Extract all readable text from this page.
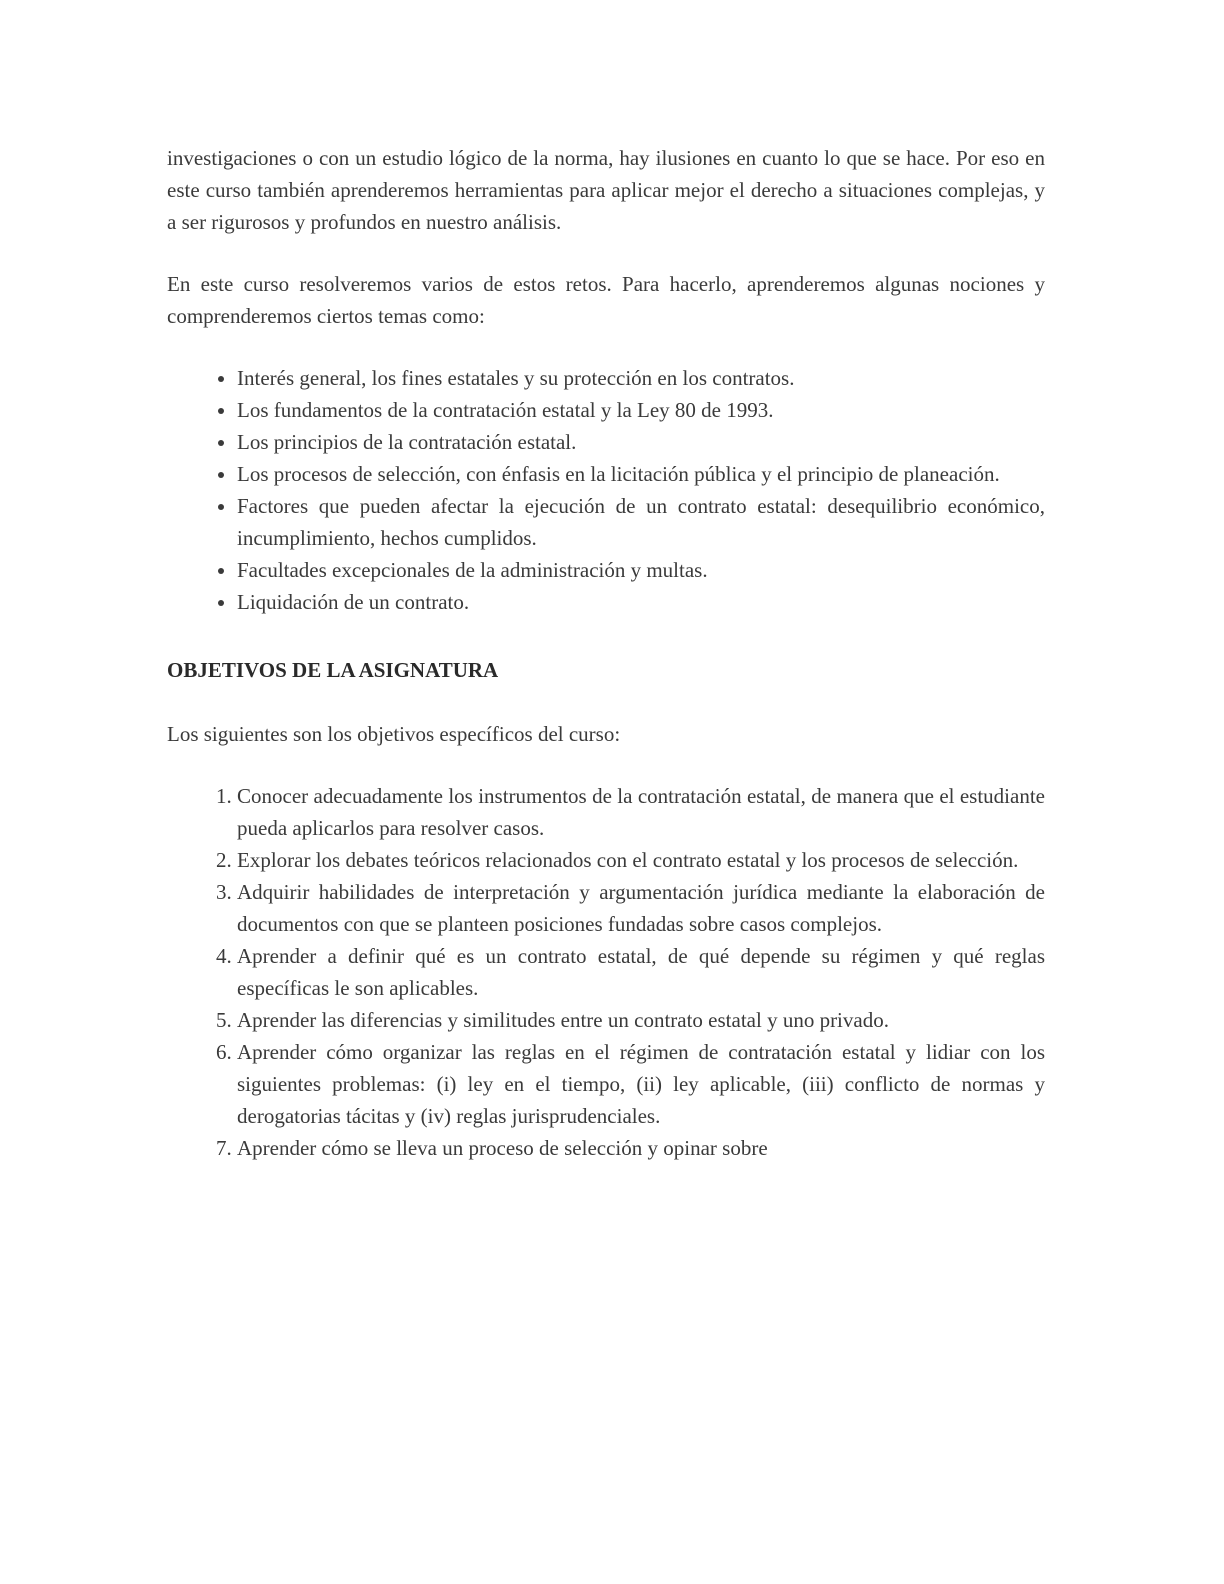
investigaciones o con un estudio lógico de la norma, hay ilusiones en cuanto lo que se hace. Por eso en este curso también aprenderemos herramientas para aplicar mejor el derecho a situaciones complejas, y a ser rigurosos y profundos en nuestro análisis.

En este curso resolveremos varios de estos retos. Para hacerlo, aprenderemos algunas nociones y comprenderemos ciertos temas como:

• Interés general, los fines estatales y su protección en los contratos.
• Los fundamentos de la contratación estatal y la Ley 80 de 1993.
• Los principios de la contratación estatal.
• Los procesos de selección, con énfasis en la licitación pública y el principio de planeación.
• Factores que pueden afectar la ejecución de un contrato estatal: desequilibrio económico, incumplimiento, hechos cumplidos.
• Facultades excepcionales de la administración y multas.
• Liquidación de un contrato.
OBJETIVOS DE LA ASIGNATURA

Los siguientes son los objetivos específicos del curso:

1. Conocer adecuadamente los instrumentos de la contratación estatal, de manera que el estudiante pueda aplicarlos para resolver casos.
2. Explorar los debates teóricos relacionados con el contrato estatal y los procesos de selección.
3. Adquirir habilidades de interpretación y argumentación jurídica mediante la elaboración de documentos con que se planteen posiciones fundadas sobre casos complejos.
4. Aprender a definir qué es un contrato estatal, de qué depende su régimen y qué reglas específicas le son aplicables.
5. Aprender las diferencias y similitudes entre un contrato estatal y uno privado.
6. Aprender cómo organizar las reglas en el régimen de contratación estatal y lidiar con los siguientes problemas: (i) ley en el tiempo, (ii) ley aplicable, (iii) conflicto de normas y derogatorias tácitas y (iv) reglas jurisprudenciales.
7. Aprender cómo se lleva un proceso de selección y opinar sobre
